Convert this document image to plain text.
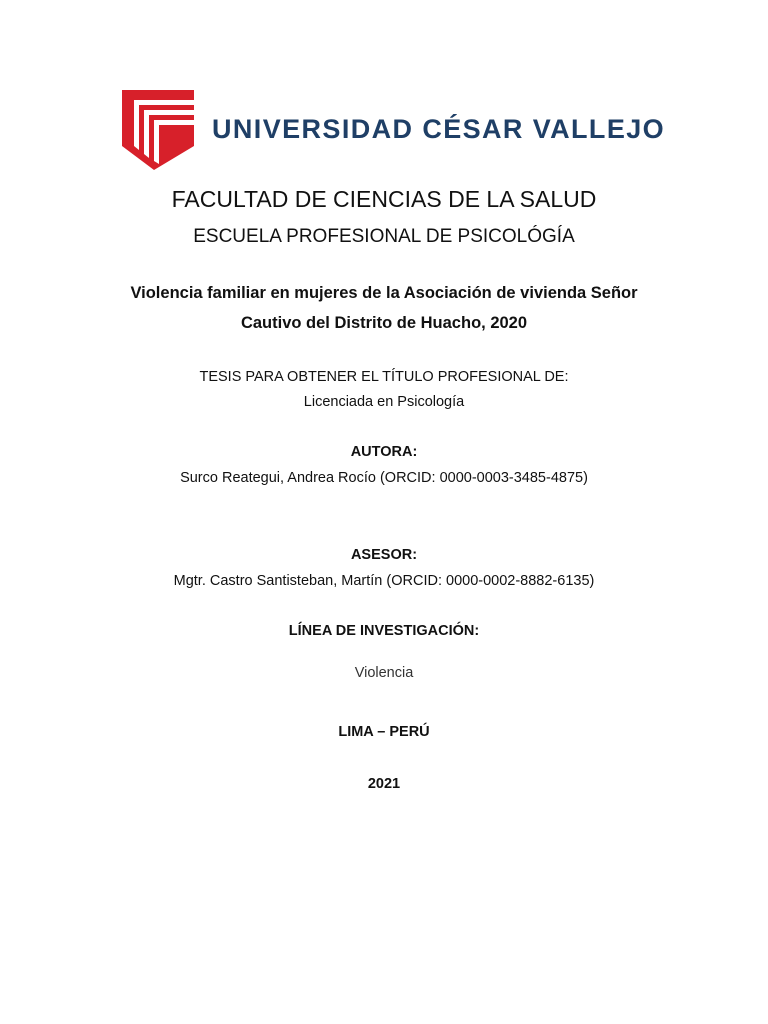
UNIVERSIDAD CÉSAR VALLEJO
FACULTAD DE CIENCIAS DE LA SALUD
ESCUELA PROFESIONAL DE PSICOLÓGÍA
Violencia familiar en mujeres de la Asociación de vivienda Señor
Cautivo del Distrito de Huacho, 2020
TESIS PARA OBTENER EL TÍTULO PROFESIONAL DE:
Licenciada en Psicología
AUTORA:
Surco Reategui, Andrea Rocío (ORCID: 0000-0003-3485-4875)
ASESOR:
Mgtr. Castro Santisteban, Martín (ORCID: 0000-0002-8882-6135)
LÍNEA DE INVESTIGACIÓN:
Violencia
LIMA – PERÚ
2021
